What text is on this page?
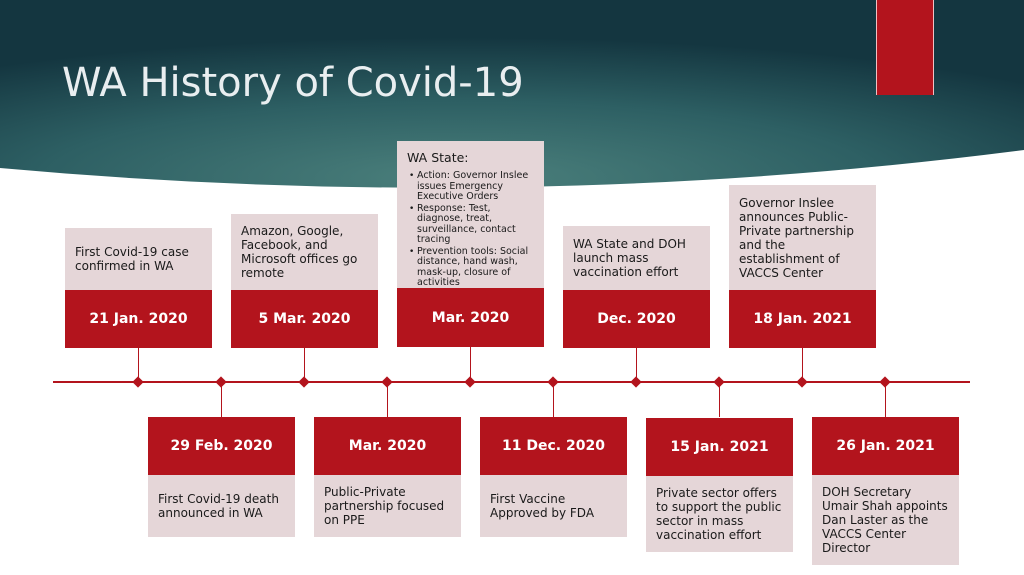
WA History of Covid-19
First Covid-19 case confirmed in WA
21 Jan. 2020
Amazon, Google, Facebook, and Microsoft offices go remote
5 Mar. 2020
WA State:
• Action: Governor Inslee issues Emergency Executive Orders
• Response: Test, diagnose, treat, surveillance, contact tracing
• Prevention tools: Social distance, hand wash, mask-up, closure of activities
Mar. 2020
WA State and DOH launch mass vaccination effort
Dec. 2020
Governor Inslee announces Public-Private partnership and the establishment of VACCS Center
18 Jan. 2021
29 Feb. 2020
First Covid-19 death announced in WA
Mar. 2020
Public-Private partnership focused on PPE
11 Dec. 2020
First Vaccine Approved by FDA
15 Jan. 2021
Private sector offers to support the public sector in mass vaccination effort
26 Jan. 2021
DOH Secretary Umair Shah appoints Dan Laster as the VACCS Center Director
